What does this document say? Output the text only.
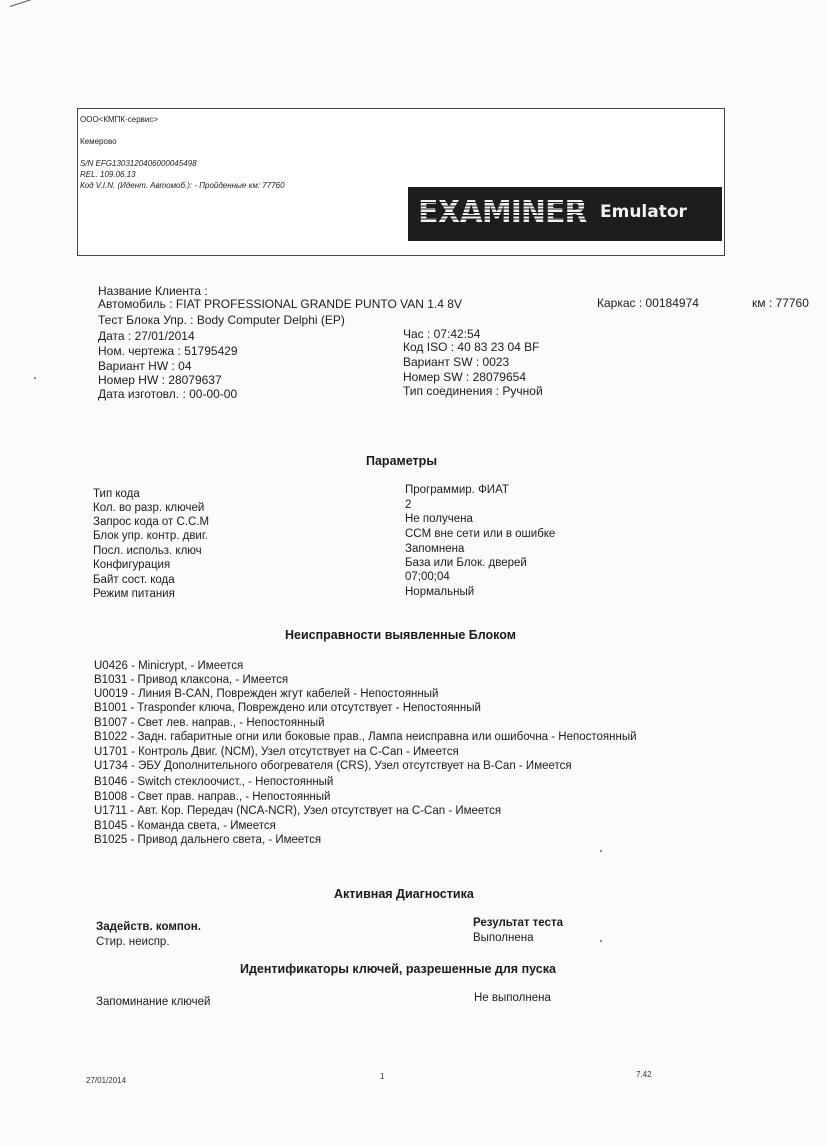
ООО<КМПК-сервис>
Кемерово
S/N EFG1303120406000045498
REL. 109.06.13
Код V.I.N. (Идент. Автомоб.): - Пройденные км: 77760
EXAMINER Emulator
Название Клиента :
Автомобиль : FIAT PROFESSIONAL GRANDE PUNTO VAN 1.4 8V	Каркас : 00184974	км : 77760
Тест Блока Упр. : Body Computer Delphi (EP)
Дата : 27/01/2014	Час : 07:42:54
Ном. чертежа : 51795429	Код ISO : 40 83 23 04 BF
Вариант HW : 04	Вариант SW : 0023
Номер HW : 28079637	Номер SW : 28079654
Дата изготовл. : 00-00-00	Тип соединения : Ручной
Параметры
Тип кода	Программир. ФИАТ
Кол. во разр. ключей	2
Запрос кода от C.C.M	Не получена
Блок упр. контр. двиг.	CCM вне сети или в ошибке
Посл. использ. ключ	Запомнена
Конфигурация	База или Блок. дверей
Байт сост. кода	07;00;04
Режим питания	Нормальный
Неисправности выявленные Блоком
U0426 - Minicrypt, - Имеется
B1031 - Привод клаксона, - Имеется
U0019 - Линия B-CAN, Поврежден жгут кабелей - Непостоянный
B1001 - Trasponder ключа, Повреждено или отсутствует - Непостоянный
B1007 - Свет лев. направ., - Непостоянный
B1022 - Задн. габаритные огни или боковые прав., Лампа неисправна или ошибочна - Непостоянный
U1701 - Контроль Двиг. (NCM), Узел отсутствует на C-Can - Имеется
U1734 - ЭБУ Дополнительного обогревателя (CRS), Узел отсутствует на B-Can - Имеется
B1046 - Switch стеклоочист., - Непостоянный
B1008 - Свет прав. направ., - Непостоянный
U1711 - Авт. Кор. Передач (NCA-NCR), Узел отсутствует на C-Can - Имеется
B1045 - Команда света, - Имеется
B1025 - Привод дальнего света, - Имеется
Активная Диагностика
Задейств. компон.	Результат теста
Стир. неиспр.	Выполнена
Идентификаторы ключей, разрешенные для пуска
Запоминание ключей	Не выполнена
27/01/2014	1	7.42
